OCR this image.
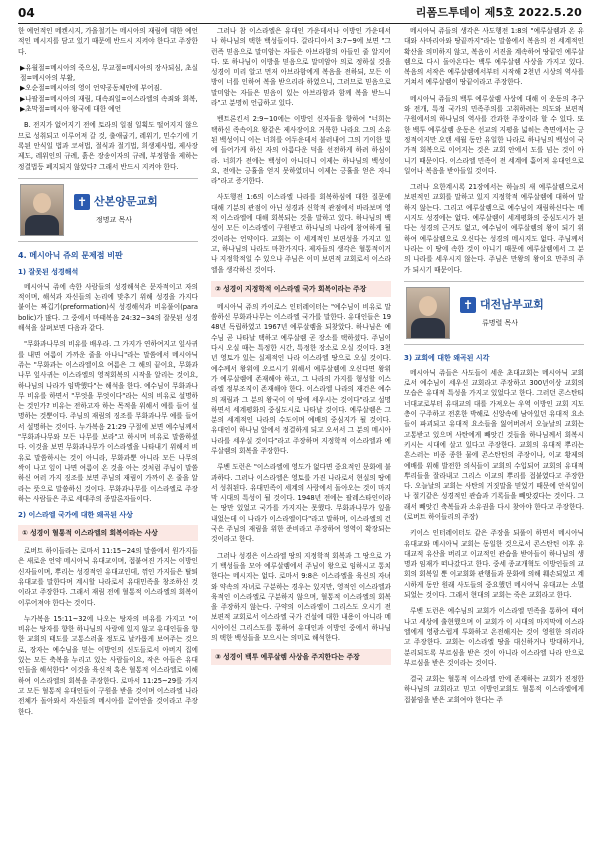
04	리폼드투데이 제5호 2022.5.20

한 예언적인 메켄시지, 가을철기는 메시아의 재림에 대한 예언적인 메시지를 담고 있기 때문에 반드시 지켜야 한다고 주장한다.

▶유월절=메시아의 죽으심, 무교절=메시아의 장사되심, 초실절=메시아의 부활,
▶오순절=메시아의 영이 언약공동체안에 부어짐.
▶나팔절=메시아의 재림, 대속죄일=이스라엘의 속죄와 회복,
▶초막절=메시아 왕국에 대한 예언

B. 전지가 없어지기 전에 토라의 일점 일획도 떨어지지 않으므로 성취되고 이루어져 갈 것, 출애굽기, 레위기, 민수기에 기록된 안식일 법과 코셔법, 절식과 절기법, 희생제사법, 제사장 제도, 레위인의 규례, 흙은 장송이자의 규례, 부정함을 제하는 정결법등 폐지되지 않았다? 그래서 반드시 지켜야 한다.

✝ 산본양문교회
정명교 목사
4. 메시아닉 쥬의 문제점 비판
1) 잘못된 성경해석

메시아닉 쥬에 속한 사람들의 성경해석은 문자적이고 자의적이며, 해석과 자신들의 논리에 맞추기 위해 성경을 가지다 붙이는 짜깁기(preformation)식 성경해석과 비유풀이(parabolic)가 많다. 그 중에서 마태복음 24:32~34의 잘못된 성경해석을 살펴보면 다음과 같다.

"무화과나무의 비유를 배우라. 그 가지가 연하여지고 잎사귀를 내면 여름이 가까운 줄을 아나니"라는 말씀에서 메시아닉 쥬는 "무화과는 이스라엘이요 여름은 그 해의 끝이요, 무화과나무 잎사귀는 이스라엘의 영적회복의 시작을 알리는 것이요, 하나님의 나라가 임박했다"는 해석을 한다. 예수님이 무화과나무 비유를 하면서 "무엇을 무엇이다"라는 식의 비유로 설명하는 것인가? 비유는 전하고자 하는 목적을 위해서 예를 들어 설명하는 것뿐이다. 주님의 재림의 징조를 무화과나무 예를 들어서 설명하는 것이다. 누가복음 21:29 구절에 보면 예수님께서 "무화과나무와 모든 나무를 보라"고 하시며 비유로 말씀하셨다. 이것을 보면 무화과나무가 이스라엘을 나타내기 위해서 비유로 말씀하시는 것이 아니라, 무화과뿐 아니라 모든 나무의 싹이 나고 잎이 나면 여름이 온 것을 아는 것처럼 주님이 말씀하신 여러 가지 징조를 보면 주님의 재림이 가까이 온 줄을 알라는 뜻으로 말씀하신 것이다. 무화과나무를 이스라엘로 주장하는 사람들은 주로 세대주의 종말론자들이다.

2) 이스라엘 국가에 대한 왜곡된 사상
① 성경이 혈통적 이스라엘의 회복이라는 사상

로버트 하이들라는 로마서 11:15~24의 말씀에서 원가지들은 새로운 언약 메시아닉 유대교이며, 접붙여진 가지는 이방인 신자들이며, 뿌리는 성경적인 유대교인데, 꺾인 가지들은 탈퇴 유대교를 말한다며 계시할 나라로서 유대민족을 창조하신 것이라고 주장한다. 그래서 재림 전에 혈통적 이스라엘의 회복이 이루어져야 한다는 것이다.

누가복음 15:11~32에 나오는 탕자의 비유를 가지고 "이 비유는 탕자를 향한 하나님의 사랑에 있지 않고 유대인들을 향한 교회의 태도를 고통스러울 정도로 날카롭게 보여주는 것으로, 장자는 예수님을 믿는 이방인의 신도들로서 아버지 집에 있는 모든 축복을 누리고 있는 사람들이요, 작은 아들은 유대인들을 해석한다" 이것을 육신적 혹은 혈통적 이스라엘로 이해하여 이스라엘의 회복을 주장한다. 로마서 11:25~29를 가지고 모든 혈통적 유대인들이 구원을 받을 것이며 이스라엘 나라 전체가 돌아와서 자신들의 메시아를 끌어안을 것이라고 주장한다.

그러나 참 이스라엘은 유대인 가운데서나 이방인 가운데서나 하나님의 택한 백성들이다. 갈라디아서 3:7~9에 보면 "그런즉 믿음으로 말미암는 자들은 아브라함의 아들인 줄 알지어다. 또 하나님이 이방을 믿음으로 말미암아 의로 정하실 것을 성경이 미리 알고 먼저 아브라함에게 복음을 전하되, 모든 이방이 너를 인하여 복을 받으리라 하였으니, 그러므로 믿음으로 말미암는 자들은 믿음이 있는 아브라함과 함께 복을 받느니라"고 분명히 언급하고 있다.

벤트론킨서 2:9~10에는 이방인 신자들을 향하여 "너희는 택하신 족속이요 왕같은 제사장이요 거룩한 나라요 그의 소유된 백성이니 이는 너희를 어두운데서 불러내어 그의 기이한 빛에 들어가게 하신 자의 아름다운 덕을 선전하게 하려 하심이라. 너희가 전에는 백성이 아니더니 이제는 하나님의 백성이요, 전에는 긍휼을 얻지 못하였더니 이제는 긍휼을 얻은 자니라"라고 증거한다.

사도행전 1:6의 이스라엘 나라를 회복하심에 대한 질문에 대해 기분의 관점이 아닌 성경과 신학적 관점에서 바라보며 영적 이스라엘에 대해 회복되는 것을 말하고 있다. 하나님의 백성이 모든 이스라엘이 구원받고 하나님의 나라에 참여하게 될 것이라는 언약이다. 교회는 이 세계적인 보편성을 가지고 있고, 하나님의 나라도 마찬가지다. 제자들의 생각은 혈통적이거나 지정학적일 수 있으나 주님은 이미 보편적 교회로서 이스라엘을 생각하신 것이다.

② 성경이 지정학적 이스라엘 국가 회복이라는 주장

메시아닉 쥬의 카이로스 인터레이터는 "예수님이 비유로 말씀하신 무화과나무는 이스라엘 국가를 말한다. 유대인들은 1948년 독립하였고 1967년 예루살렘을 되찾았다. 하나님은 예수님 곧 나타날 택하고 예루살렘 곧 장소를 택하셨다. 주님이 다시 오실 때는 특정한 시간, 특정한 장소로 오실 것이다. 3천년 영토가 있는 실제적인 나라 이스라엘 땅으로 오실 것이다. 예수께서 왕위에 오르시기 위해서 예루살렘에 오신다면 왕위가 예루살렘에 존재해야 하고, 그 나라의 가지를 형성할 이스라엘 정부조직이 존재해야 한다. 이스라엘 나라의 재건은 예수의 재림과 그 분의 왕국이 이 땅에 세우시는 것이다"라고 설명하면서 세계평화의 중심도시로 나타날 것이다. 예루살렘은 그분의 세계적인 나라의 수도이며 예배의 중심지가 될 것이다. 유대인이 하나님 앞에서 정결하게 되고 오셔서 그 분의 메시아 나라를 세우실 것이다"라고 주장하며 지정학적 이스라엘과 예루살렘의 회복을 주장한다.

루벤 도런은 "이스라엘에 영도가 없다면 중요적인 문화에 불과하다. 그러나 이스라엘은 영토를 가진 나라로서 현실의 땅에서 성취된다. 유대민족이 세계의 사랑에서 돌아오는 것이 마지막 시대의 특성이 될 것이다. 1948년 전에는 팔레스타인이라는 땅만 있었고 국가를 가지지는 못했다. 무화과나무가 잎을 내었는데 이 나라가 이스라엘이다"라고 말하며, 이스라엘의 건국은 주님의 재림을 위한 준비라고 주장하여 영역이 확장되는 것이라고 한다.

그러나 성경은 이스라엘 땅의 지정학적 회복과 그 땅으로 가기 백성들을 모아 예루살렘에서 주님이 왕으로 임하시고 통치한다는 메시지는 없다. 로마서 9:8은 이스라엘을 육신의 자녀와 약속의 자녀로 구분하는 경우는 있지만, 영적인 이스라엘과 육적인 이스라엘로 구분하지 않으며, 혈통적 이스라엘의 회복을 주장하지 않는다. 구약의 이스라엘이 그리스도 오시기 전 보편적 교회로서 이스라엘 국가 건설에 대한 내용이 아니라 메시아이신 그리스도를 통하여 유대인과 이방인 중에서 하나님의 택한 백성들을 모으시는 의미로 해석한다.

③ 성경이 백투 예루살렘 사상을 주지한다는 주장

메시아닉 쥬들의 생각은 사도행전 1:8의 "예루살렘과 온 유대와 사마리아와 땅끝까지"라는 말씀에서 복음의 전 세계적인 확산을 의미하지 않고, 복음이 서진을 계속하여 땅끝인 예루살렘으로 다시 돌아온다는 백투 예루살렘 사상을 가지고 있다. 복음의 서작은 예루살렘에서부터 시작해 2천년 시상의 역사를 거쳐서 예루살렘이 땅끝이라고 주장한다.

메시아닉 쥬들의 백투 예루살렘 사상에 대해 이 운동의 추구와 전개, 특정 국가의 민족주의를 고취하려는 의도와 보편적 구원에서의 하나님의 역사를 간과한 주장이라 할 수 있다. 또한 백투 예루살렘 운동은 선교의 지평을 넓히는 측면에서는 긍정적이지만 오랜 세월 동안 유일한 나라로 하나님의 백성이 국가적 회복으로 이어지는 것은 교회 안에서 도를 넘는 것이 아니기 때문이다. 이스라엘 민족이 전 세계에 흩어져 유대인으로 일어나 복음을 받아들일 것이다.

그러나 요한계시록 21장에서는 하늘의 새 예루살렘으로서 보편적인 교회를 말하고 있지 지정학적 예루살렘에 대하여 말하지 않는다. 그리고 예루살렘으로 예수님이 재림하신다는 메시지도 성경에는 없다. 예루살렘이 세계평화의 중심도시가 된다는 성경의 근거도 없고, 예수님이 예루살렘의 왕이 되기 위하여 예루살렘으로 오신다는 성경의 메시지도 없다. 주님께서 나라는 이 땅에 속한 것이 아니기 때문에 예루살렘에서 그 분의 나라를 세우시지 않는다. 주님은 만왕의 왕이요 만주의 주가 되시기 때문이다.

✝ 대전남부교회
류명렬 목사
3) 교회에 대한 왜곡된 시각

메시아닉 쥬들은 사도들이 세운 초대교회는 메시아닉 교회로서 예수님이 세우신 교회라고 주장하고 300년이상 교회의 모습은 유대적 특성을 가지고 있었다고 한다. 그러던 콘스탄티너대교로부터 유대교의 대를 가져오는 우역 이방인 교회 지도층이 구주하고 전혼한 박해로 신앙속에 남아있던 유대적 요소들이 파괴되고 유대적 요소들을 잃어버려서 오늘날의 교회는 고통받고 있으며 사탄에게 빼앗긴 것들을 하나님께서 회복시키시는 시대에 살고 있다고 주장한다. 교회의 유대적 뿌리는 흔스러는 비종 종한 물에 콘스탄틴의 주장이나, 이교 황제의 예배를 위해 발전한 의식들이 교회의 수입되어 교회의 유대적 뿌리들을 잘라내고 그리스 이교의 뿌리를 접붙였다고 주장한다. 오늘날의 교회는 사탄의 거짓말을 믿었기 때문에 안식일이나 절기같은 성경적인 관습과 기록들을 빼앗겼다는 것이다. 그래서 빼앗긴 축복들과 소유권을 다시 찾아야 한다고 주장한다.(로버트 하이들리의 주장)

키이스 인터레이터도 같은 주장을 되풀이 하면서 메시아닉 유대교와 메시아닉 교회는 동일한 것으로서 콘스탄틴 이후 유대교적 유산을 버리고 이교적인 관습을 받아들이 하나님의 생명과 임재가 떠나갔다고 한다. 중세 종교개혁도 이방인들의 교회의 회복일 뿐 이교회화 관행들과 문화에 의해 훼손되었고 계시하게 동안 원래 사도들의 중요했던 메시아닉 유대교는 소멸되었는 것이다. 그래서 현대의 교회는 죽은 교회라고 한다.

루벤 도런은 예수님의 교회가 이스라엘 민족을 통하여 태어나고 세상에 출현했으며 이 교회가 이 시대의 마지막에 이스라엘에게 영광스럽게 투화하고 온전해지는 것이 영원한 의리라고 주장한다. 교회는 이스라엘 땅을 대신하거나 방대하거나, 분리되도록 부르심을 받은 것이 아니라 이스라엘 나라 안으로 부르심을 받은 것이라는 것이다.

결국 교회는 혈통적 이스라엘 안에 존재하는 교회가 진정한 하나님의 교회라고 믿고 이방인교회도 혈통적 이스라엘에게 접붙임을 받은 교회여야 한다는 주
